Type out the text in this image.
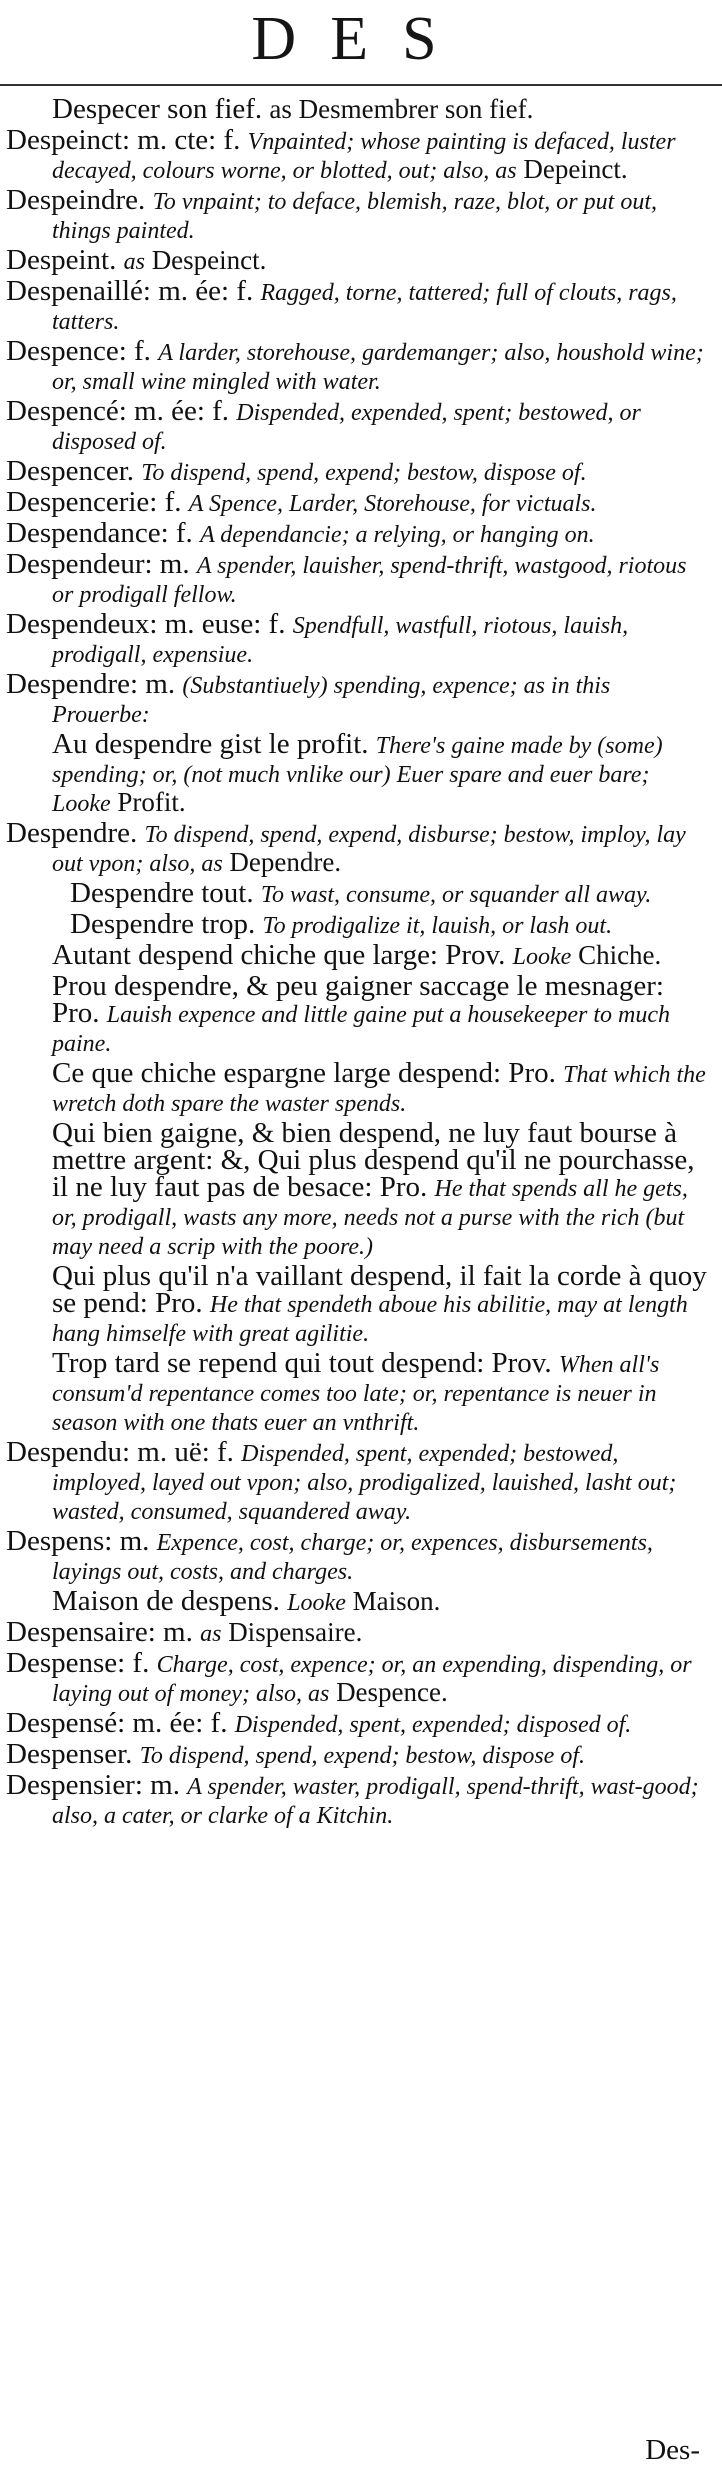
DES
Despecer son fief. as Desmembrer son fief.
Despeinct: m. cte: f. Vnpainted; whose painting is defaced, luster decayed, colours worne, or blotted, out; also, as Depeinct.
Despeindre. To vnpaint; to deface, blemish, raze, blot, or put out, things painted.
Despeint. as Despeinct.
Despenaillé: m. ée: f. Ragged, torne, tattered; full of clouts, rags, tatters.
Despence: f. A larder, storehouse, gardemanger; also, houshold wine; or, small wine mingled with water.
Despencé: m. ée: f. Dispended, expended, spent; bestowed, or disposed of.
Despencer. To dispend, spend, expend; bestow, dispose of.
Despencerie: f. A Spence, Larder, Storehouse, for victuals.
Despendance: f. A dependancie; a relying, or hanging on.
Despendeur: m. A spender, lauisher, spend-thrift, wastgood, riotous or prodigall fellow.
Despendeux: m. euse: f. Spendfull, wastfull, riotous, lauish, prodigall, expensiue.
Despendre: m. (Substantiuely) spending, expence; as in this Prouerbe:
Au despendre gist le profit. There's gaine made by (some) spending; or, (not much vnlike our) Euer spare and euer bare; Looke Profit.
Despendre. To dispend, spend, expend, disburse; bestow, imploy, lay out vpon; also, as Dependre.
Despendre tout. To wast, consume, or squander all away.
Despendre trop. To prodigalize it, lauish, or lash out.
Autant despend chiche que large: Prov. Looke Chiche.
Prou despendre, & peu gaigner saccage le mesnager: Pro. Lauish expence and little gaine put a housekeeper to much paine.
Ce que chiche espargne large despend: Pro. That which the wretch doth spare the waster spends.
Qui bien gaigne, & bien despend, ne luy faut bourse à mettre argent: &, Qui plus despend qu'il ne pourchasse, il ne luy faut pas de besace: Pro. He that spends all he gets, or, prodigall, wasts any more, needs not a purse with the rich (but may need a scrip with the poore.)
Qui plus qu'il n'a vaillant despend, il fait la corde à quoy se pend: Pro. He that spendeth aboue his abilitie, may at length hang himselfe with great agilitie.
Trop tard se repend qui tout despend: Prov. When all's consum'd repentance comes too late; or, repentance is neuer in season with one thats euer an vnthrift.
Despendu: m. uë: f. Dispended, spent, expended; bestowed, imployed, layed out vpon; also, prodigalized, lauished, lasht out; wasted, consumed, squandered away.
Despens: m. Expence, cost, charge; or, expences, disbursements, layings out, costs, and charges.
Maison de despens. Looke Maison.
Despensaire: m. as Dispensaire.
Despense: f. Charge, cost, expence; or, an expending, dispending, or laying out of money; also, as Despence.
Despensé: m. ée: f. Dispended, spent, expended; disposed of.
Despenser. To dispend, spend, expend; bestow, dispose of.
Despensier: m. A spender, waster, prodigall, spend-thrift, wast-good; also, a cater, or clarke of a Kitchin.
Des-
